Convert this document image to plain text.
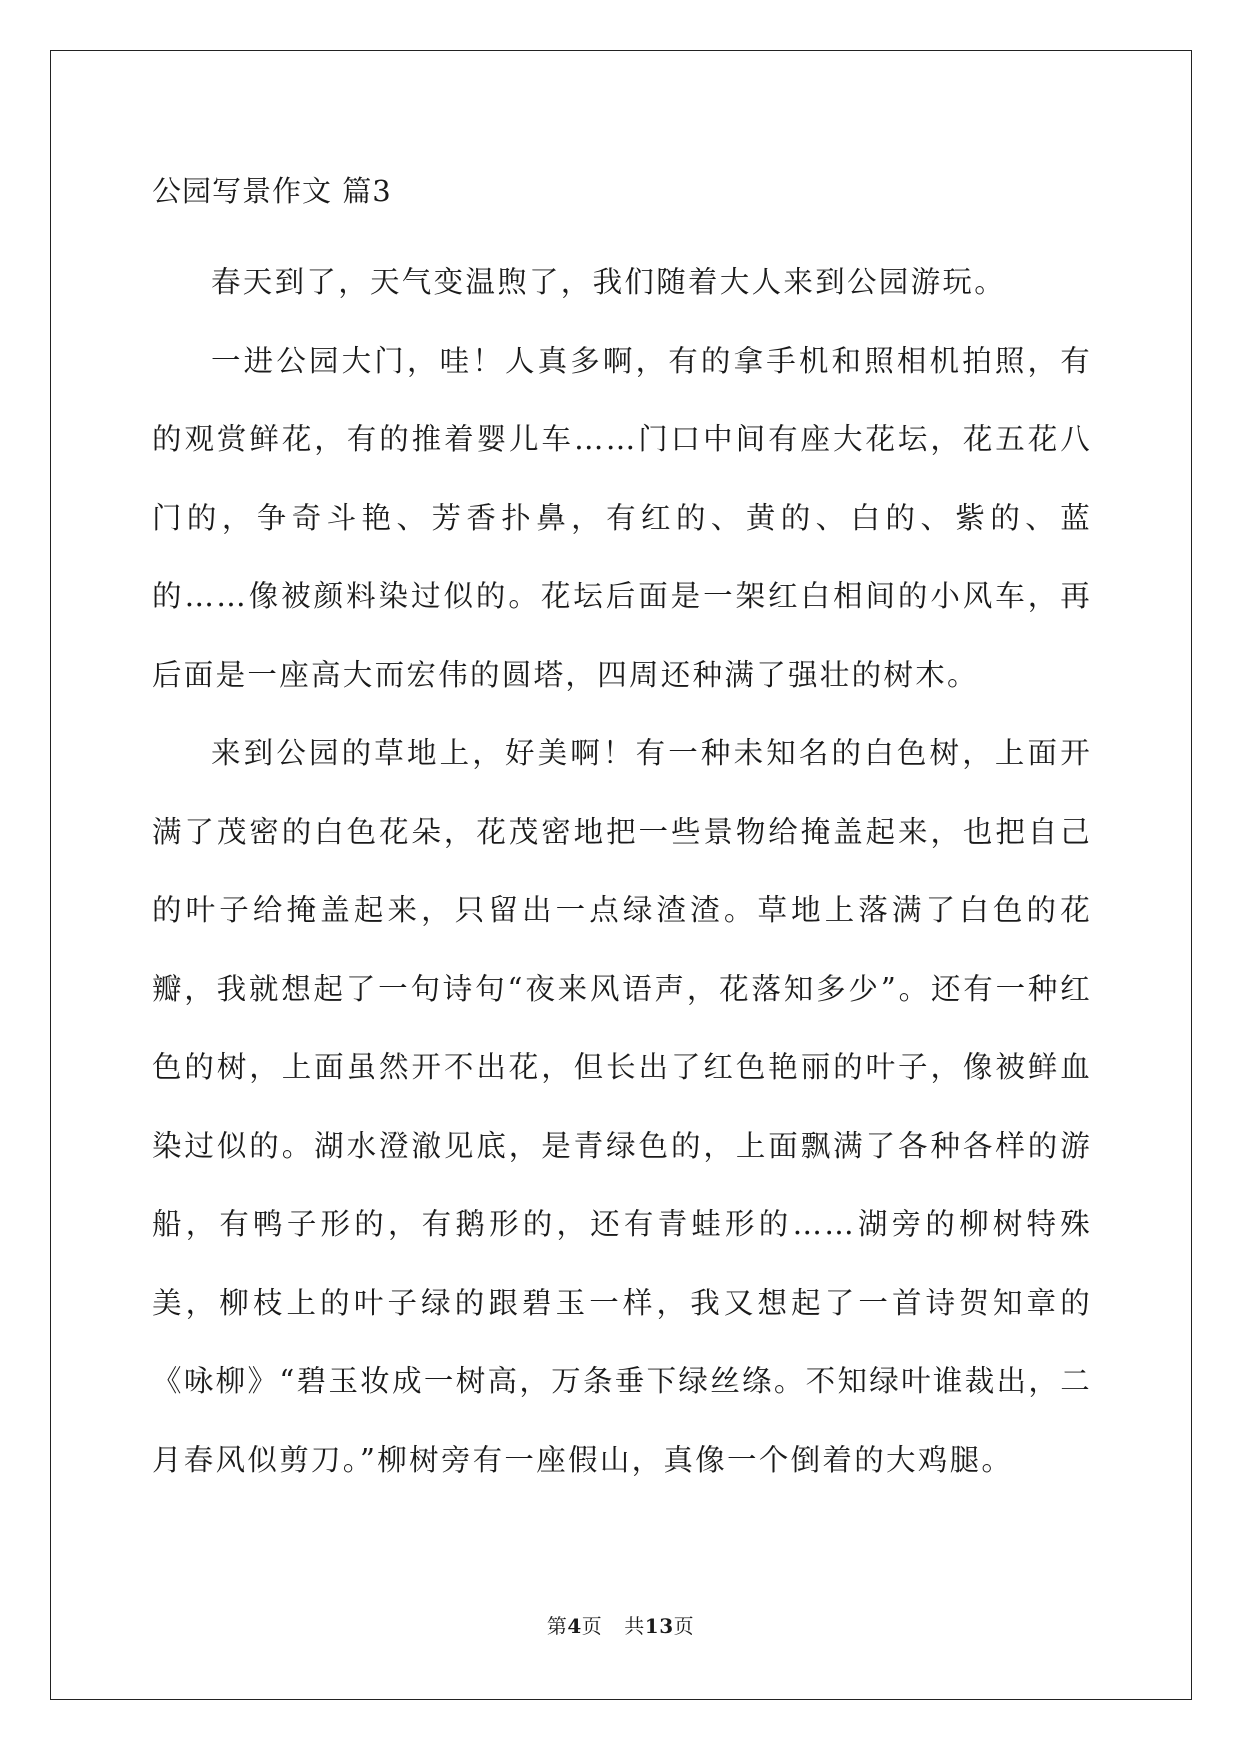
公园写景作文 篇3

春天到了，天气变温煦了，我们随着大人来到公园游玩。

一进公园大门，哇！人真多啊，有的拿手机和照相机拍照，有的观赏鲜花，有的推着婴儿车……门口中间有座大花坛，花五花八门的，争奇斗艳、芳香扑鼻，有红的、黄的、白的、紫的、蓝的……像被颜料染过似的。花坛后面是一架红白相间的小风车，再后面是一座高大而宏伟的圆塔，四周还种满了强壮的树木。

来到公园的草地上，好美啊！有一种未知名的白色树，上面开满了茂密的白色花朵，花茂密地把一些景物给掩盖起来，也把自己的叶子给掩盖起来，只留出一点绿渣渣。草地上落满了白色的花瓣，我就想起了一句诗句“夜来风语声，花落知多少”。还有一种红色的树，上面虽然开不出花，但长出了红色艳丽的叶子，像被鲜血染过似的。湖水澄澈见底，是青绿色的，上面飘满了各种各样的游船，有鸭子形的，有鹅形的，还有青蛙形的……湖旁的柳树特殊美，柳枝上的叶子绿的跟碧玉一样，我又想起了一首诗贺知章的《咏柳》“碧玉妆成一树高，万条垂下绿丝绦。不知绿叶谁裁出，二月春风似剪刀。”柳树旁有一座假山，真像一个倒着的大鸡腿。

第4页 共13页
